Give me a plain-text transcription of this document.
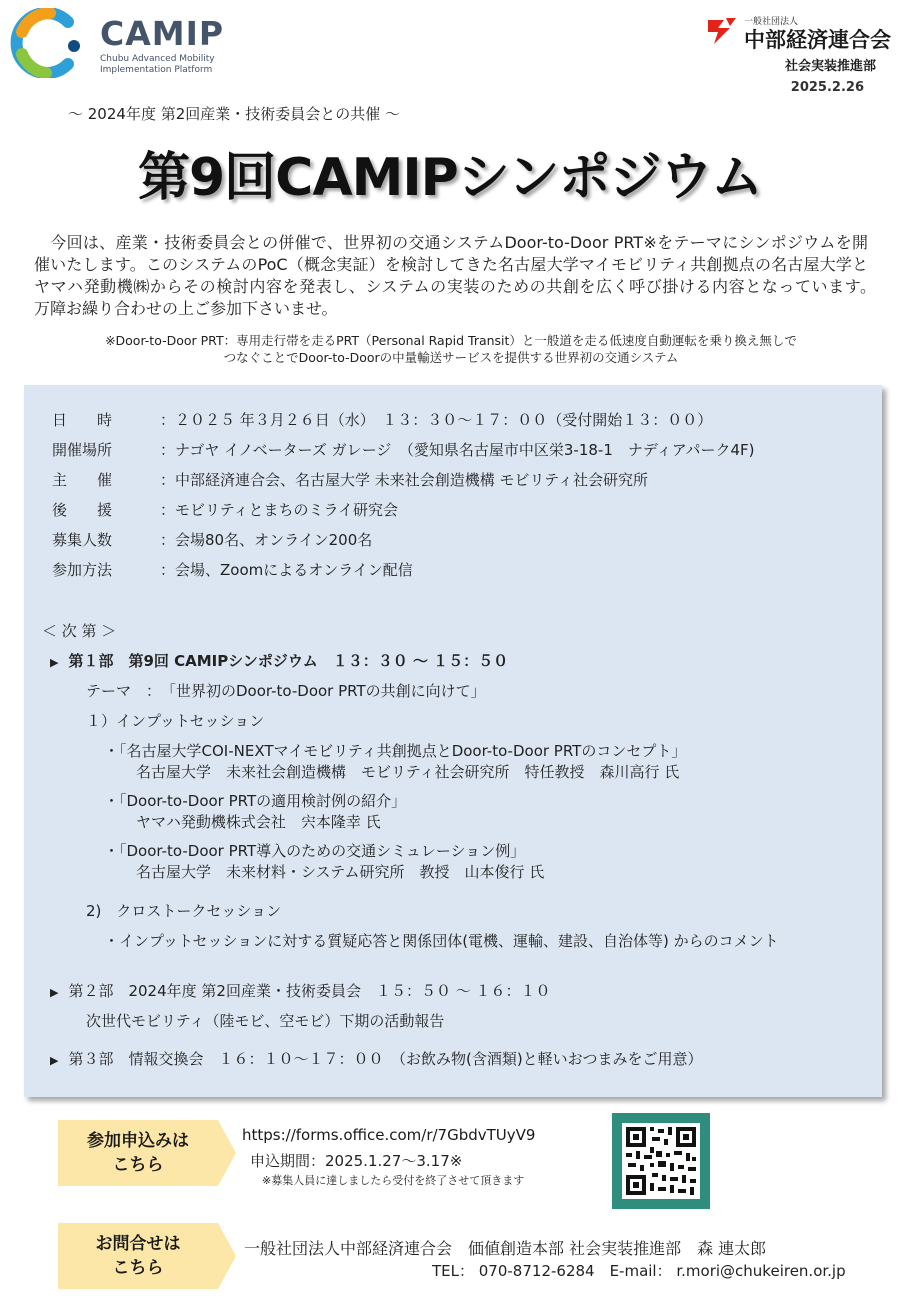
CAMIP
Chubu Advanced Mobility
Implementation Platform
一般社団法人
中部経済連合会
社会実装推進部
2025.2.26
〜 2024年度 第2回産業・技術委員会との共催 〜
第9回CAMIPシンポジウム
　今回は、産業・技術委員会との併催で、世界初の交通システムDoor-to-Door PRT※をテーマにシンポジウムを開催いたします。このシステムのPoC（概念実証）を検討してきた名古屋大学マイモビリティ共創拠点の名古屋大学とヤマハ発動機㈱からその検討内容を発表し、システムの実装のための共創を広く呼び掛ける内容となっています。　万障お繰り合わせの上ご参加下さいませ。
※Door-to-Door PRT：専用走行帯を走るPRT（Personal Rapid Transit）と一般道を走る低速度自動運転を乗り換え無しで
つなぐことでDoor-to-Doorの中量輸送サービスを提供する世界初の交通システム
日　　時	：２０２５ 年３月２６日（水）　１３：３０～１７：００（受付開始１３：００）
開催場所	：ナゴヤ イノベーターズ ガレージ　（愛知県名古屋市中区栄3-18-1　ナディアパーク4F)
主　　催	：中部経済連合会、名古屋大学 未来社会創造機構 モビリティ社会研究所
後　　援	：モビリティとまちのミライ研究会
募集人数	：会場80名、オンライン200名
参加方法	：会場、Zoomによるオンライン配信
＜ 次 第 ＞
▶ 第１部　第9回 CAMIPシンポジウム　１３：３０ ～ １５：５０
テーマ　：　「世界初のDoor-to-Door PRTの共創に向けて」
１）インプットセッション
・「名古屋大学COI-NEXTマイモビリティ共創拠点とDoor-to-Door PRTのコンセプト」
名古屋大学　未来社会創造機構　モビリティ社会研究所　特任教授　森川高行 氏
・「Door-to-Door PRTの適用検討例の紹介」
ヤマハ発動機株式会社　宍本隆幸 氏
・「Door-to-Door PRT導入のための交通シミュレーション例」
名古屋大学　未来材料・システム研究所　教授　山本俊行 氏
2)　クロストークセッション
・インプットセッションに対する質疑応答と関係団体(電機、運輸、建設、自治体等) からのコメント
▶ 第２部　2024年度 第2回産業・技術委員会　１５：５０ ～ １６：１０
次世代モビリティ（陸モビ、空モビ）下期の活動報告
▶ 第３部　情報交換会　１６：１０～１７：００　（お飲み物(含酒類)と軽いおつまみをご用意）
参加申込みは
こちら
https://forms.office.com/r/7GbdvTUyV9
申込期間：2025.1.27〜3.17※
※募集人員に達しましたら受付を終了させて頂きます
お問合せは
こちら
一般社団法人中部経済連合会　価値創造本部 社会実装推進部　森 連太郎
TEL： 070-8712-6284　E-mail： r.mori@chukeiren.or.jp
